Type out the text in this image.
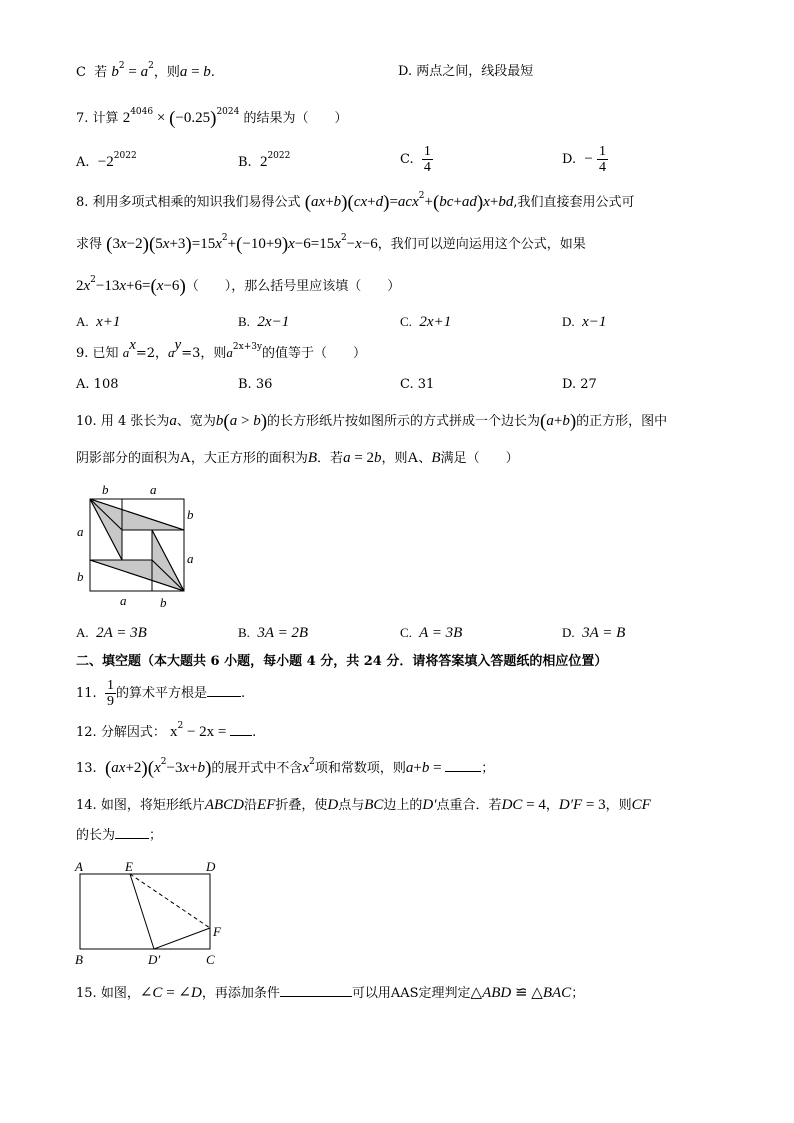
C 若 $b^2 = a^2$，则a = b.	D. 两点之间，线段最短
7. 计算 $2^{4046} \times (-0.25)^{2024}$ 的结果为（　　）
A. $-2^{2022}$	B. $2^{2022}$	C. $\frac{1}{4}$	D. − $\frac{1}{4}$
8. 利用多项式相乘的知识我们易得公式 (ax+b)(cx+d)=acx$^2$+(bc+ad)x+bd,我们直接套用公式可
求得 $(3x-2)(5x+3)=15x^2+(-10+9)x-6=15x^2-x-6$，我们可以逆向运用这个公式，如果
$2x^2-13x+6=(x-6)$（　　），那么括号里应该填（　　）
A. x+1	B. 2x−1	C. 2x+1	D. x−1
9. 已知 $a^x=2$，$a^y=3$，则$a^{2x+3y}$的值等于（　　）
A. 108	B. 36	C. 31	D. 27
10. 用 4 张长为a、宽为b(a > b)的长方形纸片按如图所示的方式拼成一个边长为(a+b)的正方形，图中
阴影部分的面积为A，大正方形的面积为B．若a = 2b，则A、B满足（　　）
b	a
b
a
a
b
a	b
A. 2A = 3B	B. 3A = 2B	C. A = 3B	D. 3A = B
二、填空题（本大题共 6 小题，每小题 4 分，共 24 分．请将答案填入答题纸的相应位置）
11. $\frac{1}{9}$ 的算术平方根是	.
12. 分解因式： $x^2 - 2x$ = .
13. $(ax+2)(x^2-3x+b)$的展开式中不含$x^2$项和常数项，则a+b =	；
14. 如图，将矩形纸片ABCD沿EF折叠，使D点与BC边上的D′点重合．若DC = 4，D′F = 3，则CF
的长为	；
A	E	D
F
B	D′	C
15. 如图，∠C = ∠D，再添加条件	可以用AAS定理判定△ABD ≌ △BAC；
